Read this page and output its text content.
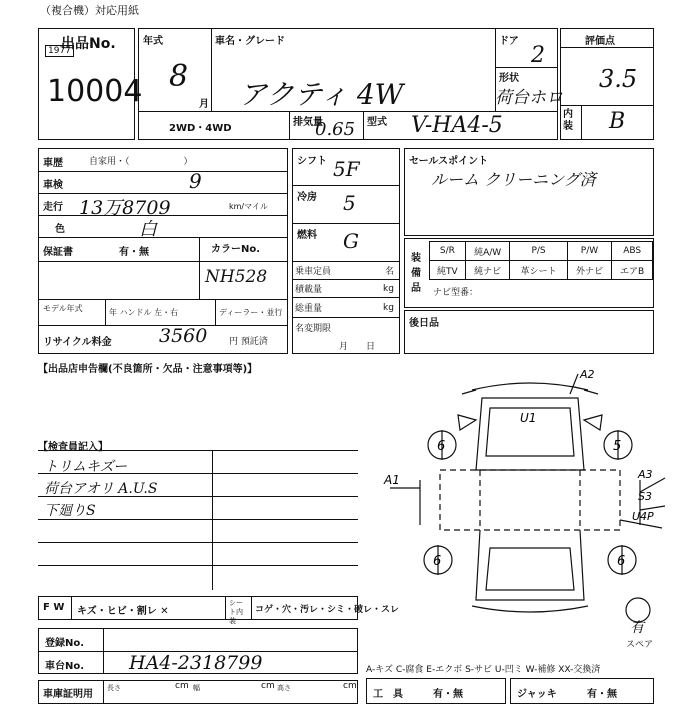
（複合機）対応用紙
出品No.
1977
10004
年式
8
月
車名・グレード
アクティ 4W
ドア
2
形状
荷台ホロ
2WD・4WD
排気量
0.65 型式 V-HA4-5
評価点
3.5
内装 B
車歴	自家用・（　　　　　　）
車検	9
走行 13万8709	km/マイル
色	白
カラーNo.
NH528
保証書	有・無
モデル年式	年 ハンドル 左・右	ディーラー・並行
リサイクル料金 3560 円 預託済
シフト 5F
冷房 5
燃料 G
乗車定員	名
積載量	kg
総重量	kg
名変期限
月　　日
セールスポイント
ルーム クリーニング済
装備品
S/R	純A/W	P/S	P/W	ABS
純TV	純ナビ	革シート	外ナビ	エアB
ナビ型番：
後日品
【出品店申告欄(不良箇所・欠品・注意事項等)】
【検査員記入】
トリムキズー
荷台アオリ A.U.S
下廻りS
A2
U1
A1	A3
S3
U4P
6	5
6	6
有
スペア
F W キズ・ヒビ・割レ ✕
シート内装
コゲ・穴・汚レ・シミ・破レ・スレ
登録No.
車台No. HA4-2318799	A-キズ C-腐食 E-エクボ S-サビ U-凹ミ W-補修 XX-交換済
車庫証明用
長さ	cm 幅	cm 高さ	cm
工　具	有・無	ジャッキ	有・無
